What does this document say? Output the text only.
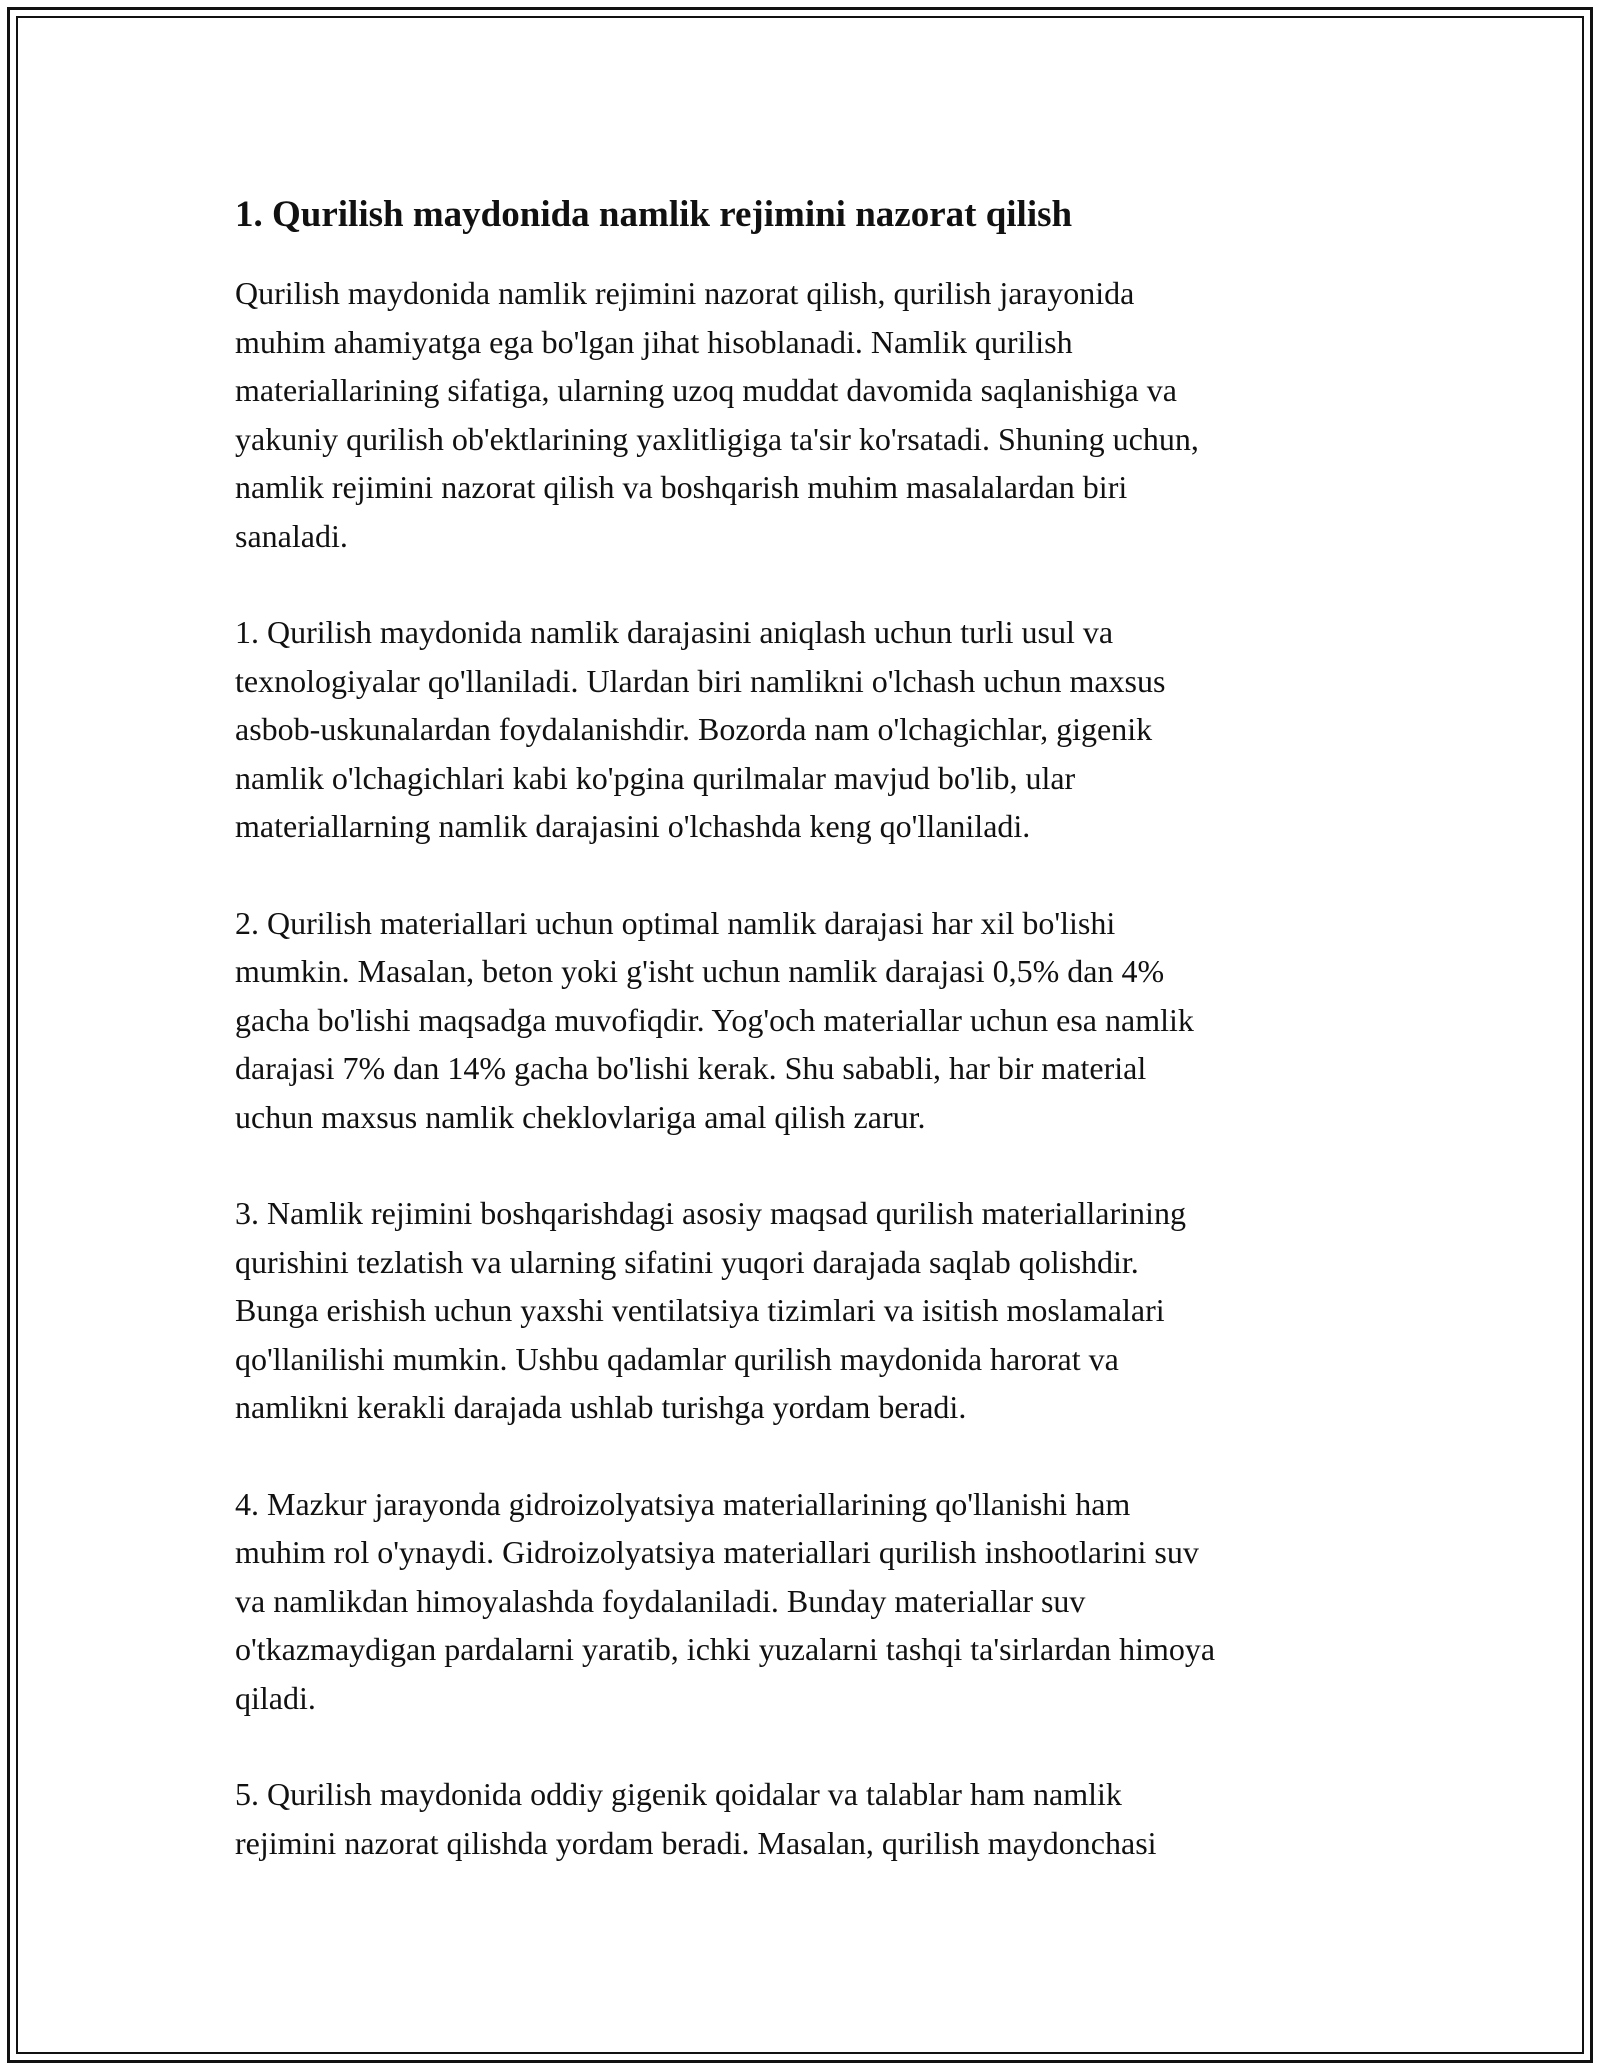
1. Qurilish maydonida namlik rejimini nazorat qilish

Qurilish maydonida namlik rejimini nazorat qilish, qurilish jarayonida
muhim ahamiyatga ega bo'lgan jihat hisoblanadi. Namlik qurilish
materiallarining sifatiga, ularning uzoq muddat davomida saqlanishiga va
yakuniy qurilish ob'ektlarining yaxlitligiga ta'sir ko'rsatadi. Shuning uchun,
namlik rejimini nazorat qilish va boshqarish muhim masalalardan biri
sanaladi.

1. Qurilish maydonida namlik darajasini aniqlash uchun turli usul va
texnologiyalar qo'llaniladi. Ulardan biri namlikni o'lchash uchun maxsus
asbob-uskunalardan foydalanishdir. Bozorda nam o'lchagichlar, gigenik
namlik o'lchagichlari kabi ko'pgina qurilmalar mavjud bo'lib, ular
materiallarning namlik darajasini o'lchashda keng qo'llaniladi.

2. Qurilish materiallari uchun optimal namlik darajasi har xil bo'lishi
mumkin. Masalan, beton yoki g'isht uchun namlik darajasi 0,5% dan 4%
gacha bo'lishi maqsadga muvofiqdir. Yog'och materiallar uchun esa namlik
darajasi 7% dan 14% gacha bo'lishi kerak. Shu sababli, har bir material
uchun maxsus namlik cheklovlariga amal qilish zarur.

3. Namlik rejimini boshqarishdagi asosiy maqsad qurilish materiallarining
qurishini tezlatish va ularning sifatini yuqori darajada saqlab qolishdir.
Bunga erishish uchun yaxshi ventilatsiya tizimlari va isitish moslamalari
qo'llanilishi mumkin. Ushbu qadamlar qurilish maydonida harorat va
namlikni kerakli darajada ushlab turishga yordam beradi.

4. Mazkur jarayonda gidroizolyatsiya materiallarining qo'llanishi ham
muhim rol o'ynaydi. Gidroizolyatsiya materiallari qurilish inshootlarini suv
va namlikdan himoyalashda foydalaniladi. Bunday materiallar suv
o'tkazmaydigan pardalarni yaratib, ichki yuzalarni tashqi ta'sirlardan himoya
qiladi.

5. Qurilish maydonida oddiy gigenik qoidalar va talablar ham namlik
rejimini nazorat qilishda yordam beradi. Masalan, qurilish maydonchasi
